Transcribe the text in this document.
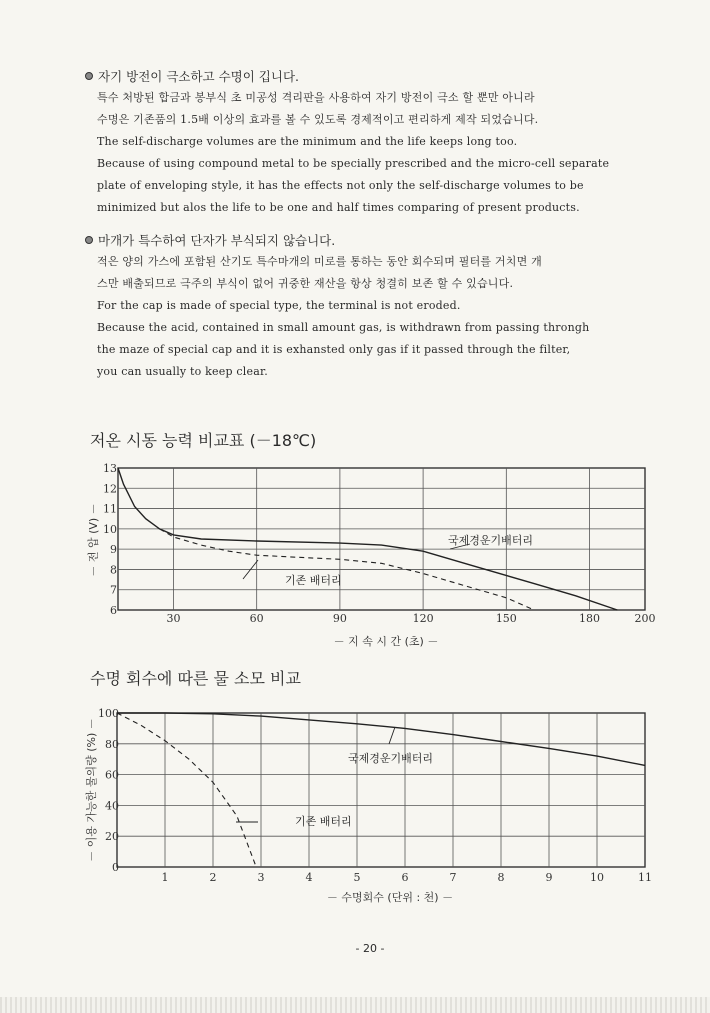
자기 방전이 극소하고 수명이 깁니다.
특수 처방된 합금과 봉부식 초 미공성 격리판을 사용하여 자기 방전이 극소 할 뿐만 아니라
수명은 기존품의 1.5배 이상의 효과를 볼 수 있도록 경제적이고 편리하게 제작 되었습니다.
The self-discharge volumes are the minimum and the life keeps long too.
Because of using compound metal to be specially prescribed and the micro-cell separate
plate of enveloping style, it has the effects not only the self-discharge volumes to be
minimized but alos the life to be one and half times comparing of present products.
마개가 특수하여 단자가 부식되지 않습니다.
적은 양의 가스에 포함된 산기도 특수마개의 미로를 통하는 동안 회수되며 필터를 거치면 개
스만 배출되므로 극주의 부식이 없어 귀중한 재산을 항상 청결히 보존 할 수 있습니다.
For the cap is made of special type, the terminal is not eroded.
Because the acid, contained in small amount gas, is withdrawn from passing throngh
the maze of special cap and it is exhansted only gas if it passed through the filter,
you can usually to keep clear.
저온 시동 능력 비교표 (－18℃)
수명 회수에 따른 물 소모 비교
30	60	90	120	150	180	200
6
7
8
9
10
11
12
13
국제경운기배터리
기존 배터리
－ 지 속 시 간 (초) －
－ 전 압 (V) －
1	2	3	4	5	6	7	8	9	10	11
0
20
40
60
80
100
국제경운기배터리
기존 배터리
－ 수명회수 (단위 : 천) －
－ 이용 가능한 물의량 (%) －
- 20 -
